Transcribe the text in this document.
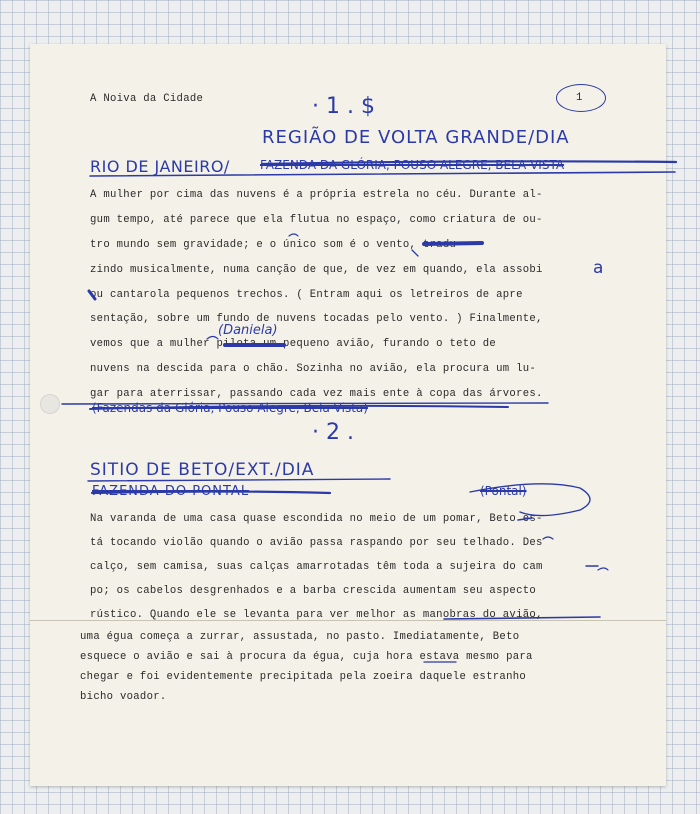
A Noiva da Cidade	1

· 1 . $

REGIÃO DE VOLTA GRANDE/DIA

RIO DE JANEIRO/	FAZENDA DA GLÓRIA, POUSO ALEGRE, BELA VISTA

A mulher por cima das nuvens é a própria estrela no céu. Durante al-

gum tempo, até parece que ela flutua no espaço, como criatura de ou-

tro mundo sem gravidade; e o único som é o vento, tradu -

zindo musicalmente, numa canção de que, de vez em quando, ela assobi	a

ou cantarola pequenos trechos. ( Entram aqui os letreiros de apre

sentação, sobre um fundo de nuvens tocadas pelo vento. ) Finalmente,

(Daniela)

vemos que a mulher pilota um pequeno avião, furando o teto de

nuvens na descida para o chão. Sozinha no avião, ela procura um lu-

gar para aterrissar, passando cada vez mais ente à copa das árvores.

(Fazendas da Glória, Pouso Alegre, Bela Vista)

· 2 .

SITIO DE BETO/EXT./DIA

FAZENDA DO PONTAL	(Pontal)

Na varanda de uma casa quase escondida no meio de um pomar, Beto es-

tá tocando violão quando o avião passa raspando por seu telhado. Des

calço, sem camisa, suas calças amarrotadas têm toda a sujeira do cam

po; os cabelos desgrenhados e a barba crescida aumentam seu aspecto

rústico. Quando ele se levanta para ver melhor as manobras do avião,

uma égua começa a zurrar, assustada, no pasto. Imediatamente, Beto

esquece o avião e sai à procura da égua, cuja hora estava mesmo para

chegar e foi evidentemente precipitada pela zoeira daquele estranho

bicho voador.
